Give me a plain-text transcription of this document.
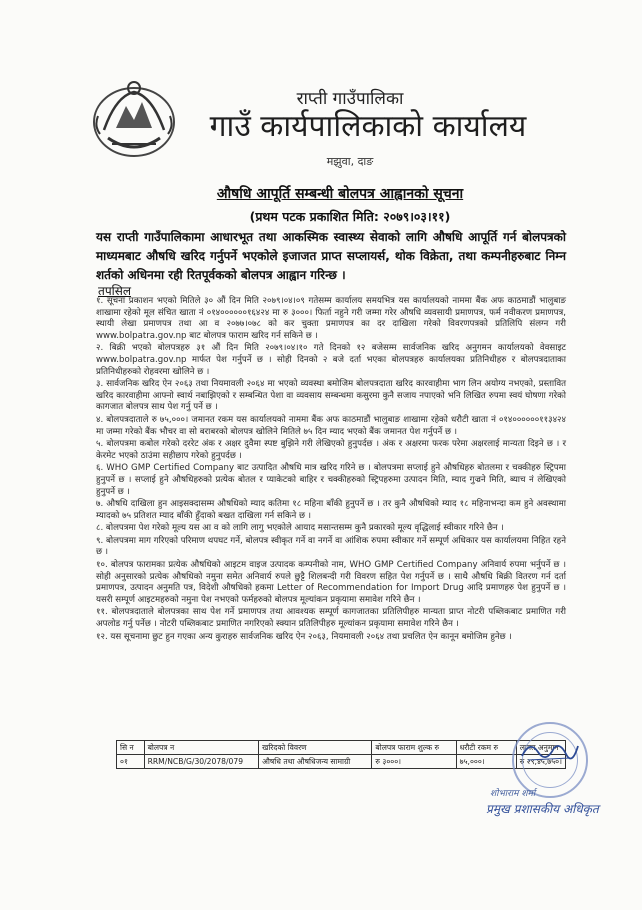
राप्ती गाउँपालिका
गाउँ कार्यपालिकाको कार्यालय
मझुवा, दाङ
औषधि आपूर्ति सम्बन्धी बोलपत्र आह्वानको सूचना
(प्रथम पटक प्रकाशित मिति: २०७९।०३।११)
यस राप्ती गाउँपालिकामा आधारभूत तथा आकस्मिक स्वास्थ्य सेवाको लागि औषधि आपूर्ति गर्न बोलपत्रको माध्यमबाट औषधि खरिद गर्नुपर्ने भएकोले इजाजत प्राप्त सप्लायर्स, थोक विक्रेता, तथा कम्पनीहरुबाट निम्न शर्तको अधिनमा रही रितपूर्वकको बोलपत्र आह्वान गरिन्छ ।
तपसिल

१. सूचना प्रकाशन भएको मितिले ३० औं दिन मिति २०७९।०४।०९ गतेसम्म कार्यालय समयभित्र यस कार्यालयको नाममा बैंक अफ काठमाडौं भालुबाङ शाखामा रहेको मूल संचित खाता नं ०१४००००००१६४२४ मा रु ३०००। फिर्ता नहुने गरी जम्मा गरेर औषधि व्यवसायी प्रमाणपत्र, फर्म नवीकरण प्रमाणपत्र, स्थायी लेखा प्रमाणपत्र तथा आ व २०७७।०७८ को कर चुक्ता प्रमाणपत्र का दर दाखिला गरेको विवरणपत्रको प्रतिलिपि संलग्न गरी www.bolpatra.gov.np बाट बोलपत्र फाराम खरिद गर्न सकिने छ ।

२. बिक्री भएको बोलपत्रहरु ३१ औं दिन मिति २०७९।०४।१० गते दिनको १२ बजेसम्म सार्वजनिक खरिद अनुगमन कार्यालयको वेवसाइट www.bolpatra.gov.np मार्फत पेश गर्नुपर्ने छ । सोही दिनको २ बजे दर्ता भएका बोलपत्रहरु कार्यालयका प्रतिनिधीहरु र बोलपत्रदाताका प्रतिनिधीहरुको रोहवरमा खोलिने छ ।

३. सार्वजनिक खरिद ऐन २०६३ तथा नियमावली २०६४ मा भएको व्यवस्था बमोजिम बोलपत्रदाता खरिद कारवाहीमा भाग लिन अयोग्य नभएको, प्रस्तावित खरिद कारवाहीमा आफ्नो स्वार्थ नबाझिएको र सम्बन्धित पेशा वा व्यवसाय सम्बन्धमा कसुरमा कुनै सजाय नपाएको भनि लिखित रुपमा स्वयं घोषणा गरेको कागजात बोलपत्र साथ पेश गर्नु पर्ने छ ।

४. बोलपत्रदाताले रु ७५,०००। जमानत रकम यस कार्यालयको नाममा बैंक अफ काठमाडौं भालुबाङ शाखामा रहेको धरौटी खाता नं ०१४००००००११३४२४ मा जम्मा गरेको बैंक भौचर वा सो बराबरको बोलपत्र खोलिने मितिले ७५ दिन म्याद भएको बैंक जमानत पेश गर्नुपर्ने छ ।

५. बोलपत्रमा कबोल गरेको दररेट अंक र अक्षर दुवैमा स्पष्ट बुझिने गरी लेखिएको हुनुपर्दछ । अंक र अक्षरमा फरक परेमा अक्षरलाई मान्यता दिइने छ । र केरमेट भएको ठाउंमा सहीछाप गरेको हुनुपर्दछ ।

६. WHO GMP Certified Company बाट उत्पादित औषधि मात्र खरिद गरिने छ । बोलपत्रमा सप्लाई हुने औषधिहरु बोतलमा र चक्कीहरु स्ट्रिपमा हुनुपर्ने छ । सप्लाई हुने औषधिहरुको प्रत्येक बोतल र प्याकेटको बाहिर र चक्कीहरुको स्ट्रिपहरुमा उत्पादन मिति, म्याद गुज्रने मिति, ब्याच नं लेखिएको हुनुपर्ने छ ।

७. औषधि दाखिला हुन आइसक्दासम्म औषधिको म्याद कतिमा १८ महिना बाँकी हुनुपर्ने छ । तर कुनै औषधिको म्याद १८ महिनाभन्दा कम हुने अवस्थामा म्यादको ७५ प्रतिशत म्याद बाँकी हुँदाको बखत दाखिला गर्न सकिने छ ।

८. बोलपत्रमा पेश गरेको मूल्य यस आ व को लागि लागु भएकोले आयाद मसान्तसम्म कुनै प्रकारको मूल्य वृद्धिलाई स्वीकार गरिने छैन ।

९. बोलपत्रमा माग गरिएको परिमाण थपघट गर्ने, बोलपत्र स्वीकृत गर्ने वा नगर्ने वा आंशिक रुपमा स्वीकार गर्ने सम्पूर्ण अधिकार यस कार्यालयमा निहित रहने छ ।

१०. बोलपत्र फारामका प्रत्येक औषधिको आइटम वाइज उत्पादक कम्पनीको नाम, WHO GMP Certified Company अनिवार्य रुपमा भर्नुपर्ने छ । सोही अनुसारको प्रत्येक औषधिको नमुना समेत अनिवार्य रुपले छुट्टै शिलबन्दी गरी विवरण सहित पेश गर्नुपर्ने छ । साथै औषधि बिक्री वितरण गर्न दर्ता प्रमाणपत्र, उत्पादन अनुमति पत्र, विदेशी औषधिको हकमा Letter of Recommendation for Import Drug आदि प्रमाणहरु पेश हुनुपर्ने छ । यसरी सम्पूर्ण आइटमहरुको नमुना पेश नभएको फर्महरुको बोलपत्र मूल्यांकन प्रकृयामा समावेश गरिने छैन ।

११. बोलपत्रदाताले बोलपत्रका साथ पेश गर्ने प्रमाणपत्र तथा आवश्यक सम्पूर्ण कागजातका प्रतिलिपीहरु मान्यता प्राप्त नोटरी पब्लिकबाट प्रमाणित गरी अपलोड गर्नु पर्नेछ । नोटरी पब्लिकबाट प्रमाणित नगरिएको स्क्यान प्रतिलिपीहरु मूल्यांकन प्रकृयामा समावेश गरिने छैन ।

१२. यस सूचनामा छुट हुन गएका अन्य कुराहरु सार्वजनिक खरिद ऐन २०६३, नियमावली २०६४ तथा प्रचलित ऐन कानून बमोजिम हुनेछ ।

सि न	बोलपत्र न	खरिदको विवरण	बोलपत्र फाराम शुल्क रु	धरौटी रकम रु	लागत अनुमान
०१	RRM/NCB/G/30/2078/079	औषधि तथा औषधिजन्य सामाग्री	रु ३०००।	७५,०००।	रु २९,४५,७५०।
शोभाराम शर्मा
प्रमुख प्रशासकीय अधिकृत
